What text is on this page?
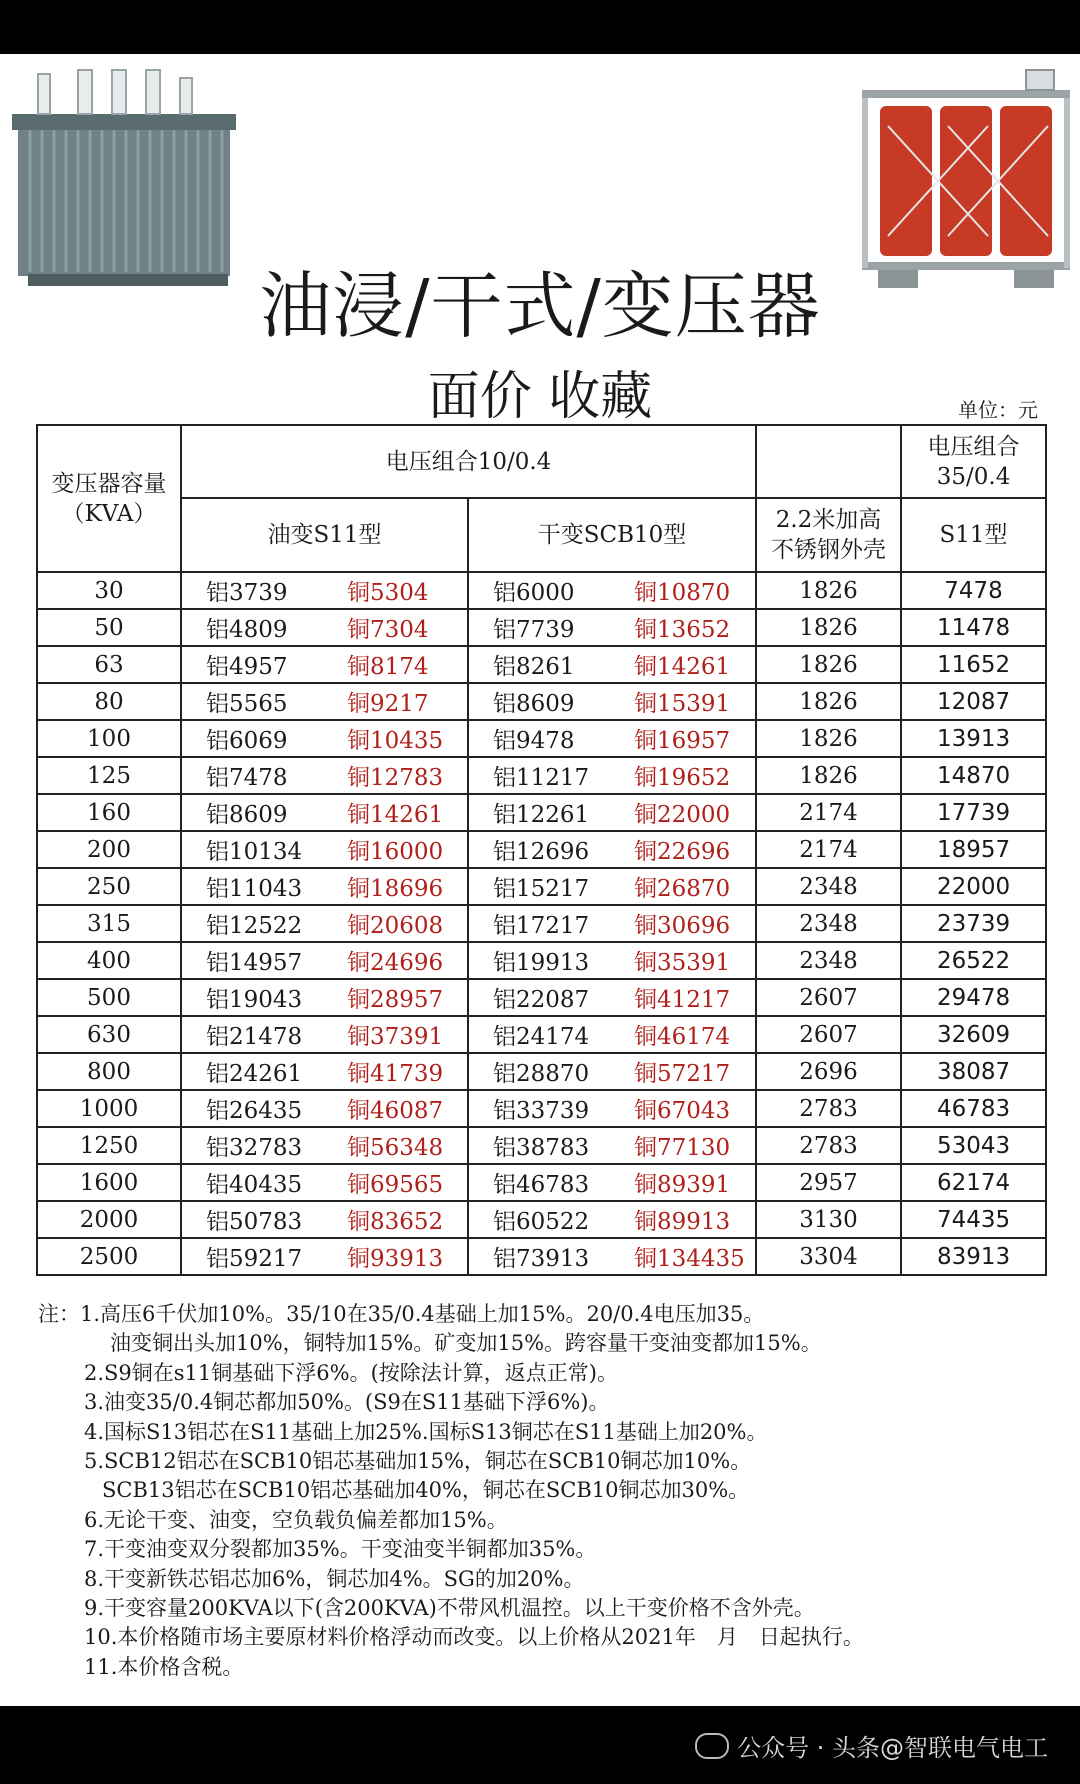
油浸/干式/变压器
面价 收藏	单位：元
变压器容量
（KVA）	电压组合10/0.4					电压组合35/0.4
	油变S11型		干变SCB10型		2.2米加高不锈钢外壳	S11型
30	铝3739	铜5304	铝6000	铜10870	1826	7478
50	铝4809	铜7304	铝7739	铜13652	1826	11478
63	铝4957	铜8174	铝8261	铜14261	1826	11652
80	铝5565	铜9217	铝8609	铜15391	1826	12087
100	铝6069	铜10435	铝9478	铜16957	1826	13913
125	铝7478	铜12783	铝11217	铜19652	1826	14870
160	铝8609	铜14261	铝12261	铜22000	2174	17739
200	铝10134	铜16000	铝12696	铜22696	2174	18957
250	铝11043	铜18696	铝15217	铜26870	2348	22000
315	铝12522	铜20608	铝17217	铜30696	2348	23739
400	铝14957	铜24696	铝19913	铜35391	2348	26522
500	铝19043	铜28957	铝22087	铜41217	2607	29478
630	铝21478	铜37391	铝24174	铜46174	2607	32609
800	铝24261	铜41739	铝28870	铜57217	2696	38087
1000	铝26435	铜46087	铝33739	铜67043	2783	46783
1250	铝32783	铜56348	铝38783	铜77130	2783	53043
1600	铝40435	铜69565	铝46783	铜89391	2957	62174
2000	铝50783	铜83652	铝60522	铜89913	3130	74435
2500	铝59217	铜93913	铝73913	铜134435	3304	83913
注：1.高压6千伏加10%。35/10在35/0.4基础上加15%。20/0.4电压加35。
油变铜出头加10%，铜特加15%。矿变加15%。跨容量干变油变都加15%。
2.S9铜在s11铜基础下浮6%。(按除法计算，返点正常)。
3.油变35/0.4铜芯都加50%。(S9在S11基础下浮6%)。
4.国标S13铝芯在S11基础上加25%.国标S13铜芯在S11基础上加20%。
5.SCB12铝芯在SCB10铝芯基础加15%，铜芯在SCB10铜芯加10%。
SCB13铝芯在SCB10铝芯基础加40%，铜芯在SCB10铜芯加30%。
6.无论干变、油变，空负载负偏差都加15%。
7.干变油变双分裂都加35%。干变油变半铜都加35%。
8.干变新铁芯铝芯加6%，铜芯加4%。SG的加20%。
9.干变容量200KVA以下(含200KVA)不带风机温控。以上干变价格不含外壳。
10.本价格随市场主要原材料价格浮动而改变。以上价格从2021年　月　日起执行。
11.本价格含税。
公众号 · 头条@智联电气电工
